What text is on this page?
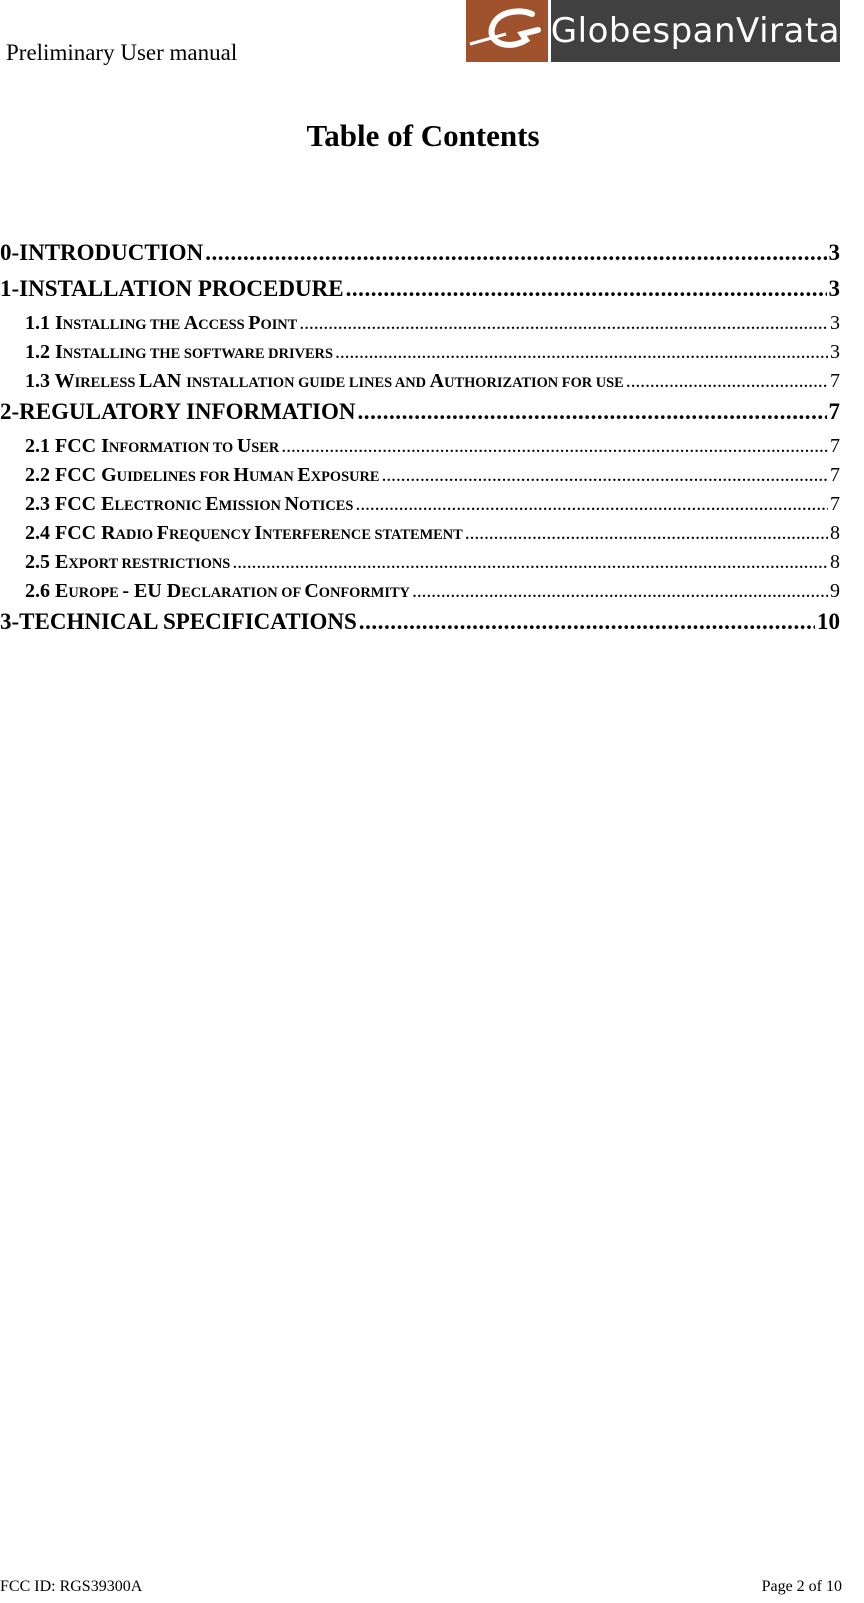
Preliminary User manual
GlobespanVirata
Table of Contents
0-INTRODUCTION . . .	3
1-INSTALLATION PROCEDURE . . .	3
1.1 INSTALLING THE ACCESS POINT . . .	3
1.2 INSTALLING THE SOFTWARE DRIVERS . . .	3
1.3 WIRELESS LAN INSTALLATION GUIDE LINES AND AUTHORIZATION FOR USE . . .	7
2-REGULATORY INFORMATION . . .	7
2.1 FCC INFORMATION TO USER . . .	7
2.2 FCC GUIDELINES FOR HUMAN EXPOSURE . . .	7
2.3 FCC ELECTRONIC EMISSION NOTICES . . .	7
2.4 FCC RADIO FREQUENCY INTERFERENCE STATEMENT . . .	8
2.5 EXPORT RESTRICTIONS . . .	8
2.6 EUROPE - EU DECLARATION OF CONFORMITY . . .	9
3-TECHNICAL SPECIFICATIONS . . .	10
FCC ID: RGS39300A	Page 2 of 10
